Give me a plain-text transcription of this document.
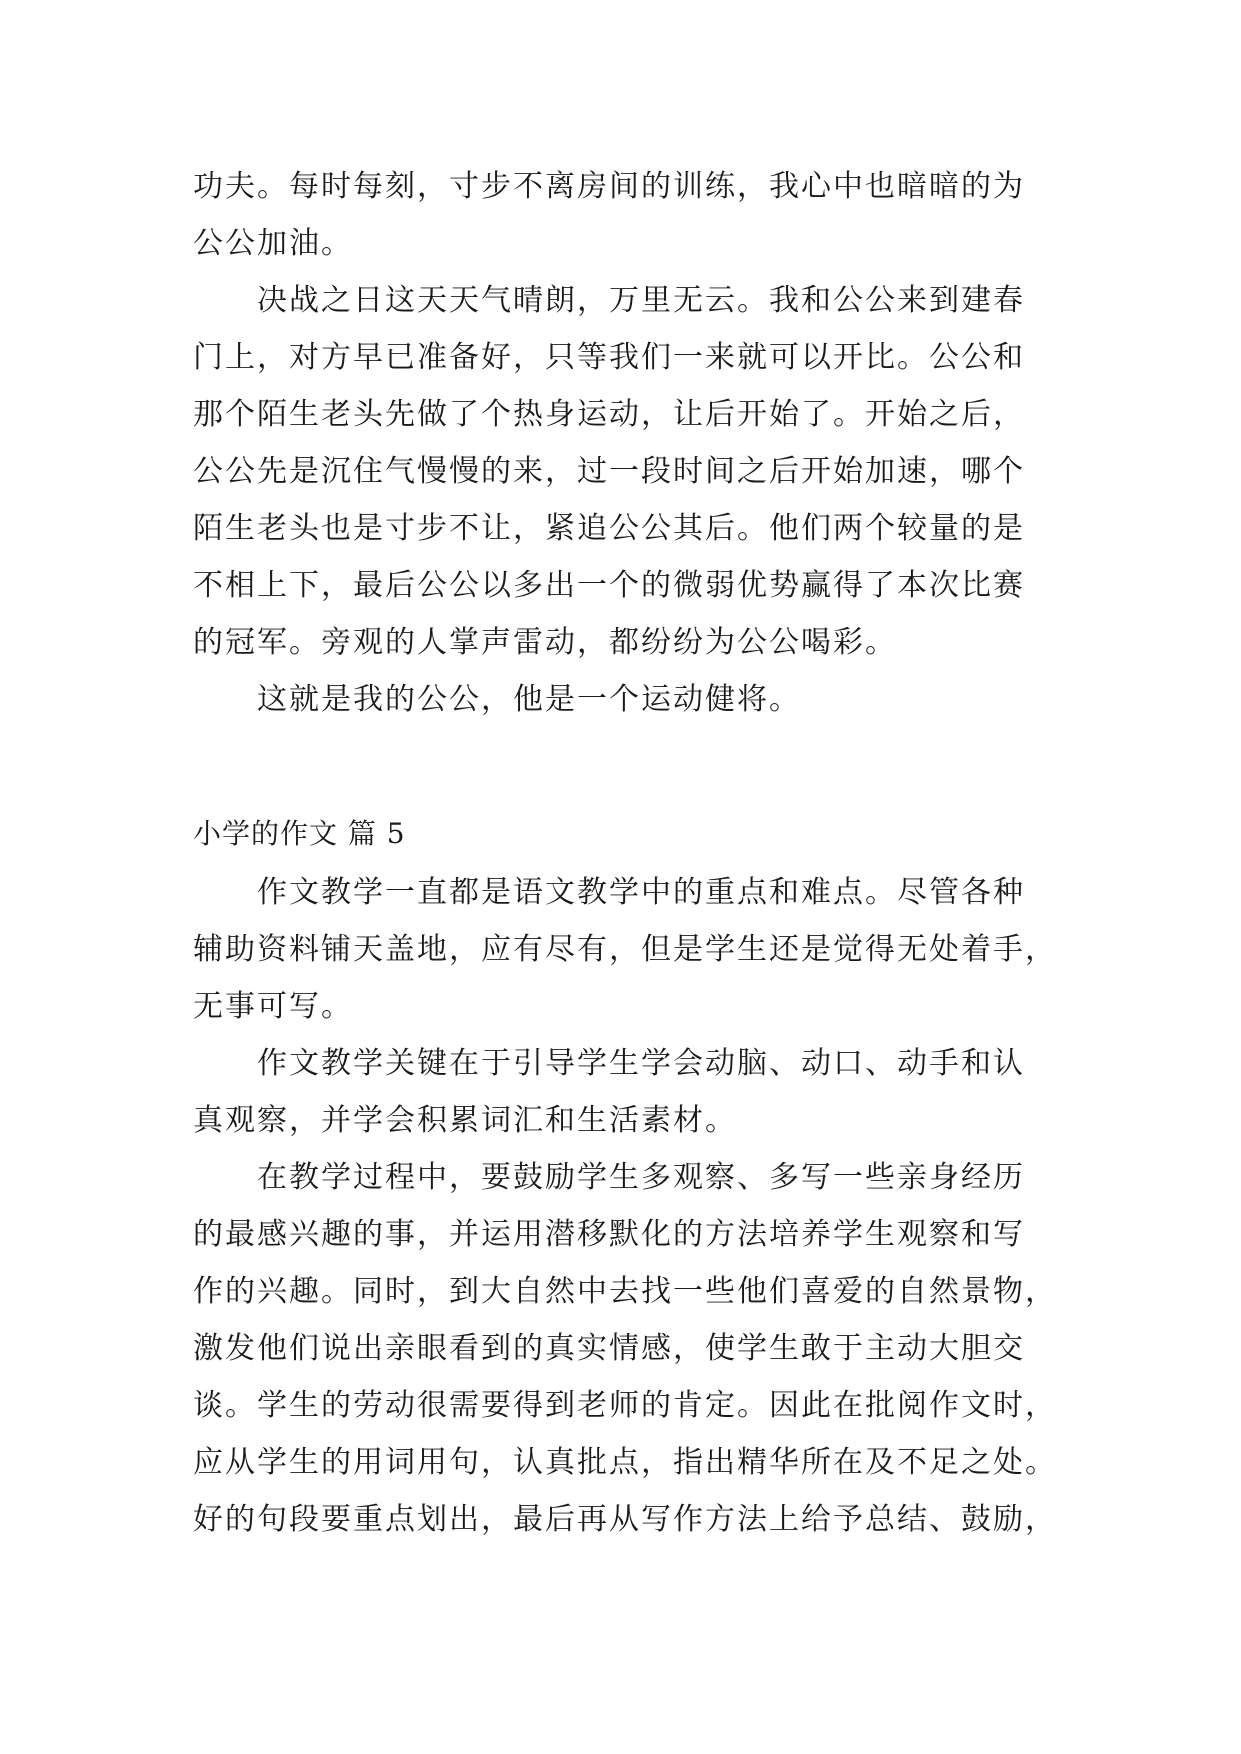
功夫。每时每刻，寸步不离房间的训练，我心中也暗暗的为
公公加油。
决战之日这天天气晴朗，万里无云。我和公公来到建春
门上，对方早已准备好，只等我们一来就可以开比。公公和
那个陌生老头先做了个热身运动，让后开始了。开始之后，
公公先是沉住气慢慢的来，过一段时间之后开始加速，哪个
陌生老头也是寸步不让，紧追公公其后。他们两个较量的是
不相上下，最后公公以多出一个的微弱优势赢得了本次比赛
的冠军。旁观的人掌声雷动，都纷纷为公公喝彩。
这就是我的公公，他是一个运动健将。
小学的作文 篇 5
作文教学一直都是语文教学中的重点和难点。尽管各种
辅助资料铺天盖地，应有尽有，但是学生还是觉得无处着手，
无事可写。
作文教学关键在于引导学生学会动脑、动口、动手和认
真观察，并学会积累词汇和生活素材。
在教学过程中，要鼓励学生多观察、多写一些亲身经历
的最感兴趣的事，并运用潜移默化的方法培养学生观察和写
作的兴趣。同时，到大自然中去找一些他们喜爱的自然景物，
激发他们说出亲眼看到的真实情感，使学生敢于主动大胆交
谈。学生的劳动很需要得到老师的肯定。因此在批阅作文时，
应从学生的用词用句，认真批点，指出精华所在及不足之处。
好的句段要重点划出，最后再从写作方法上给予总结、鼓励，
